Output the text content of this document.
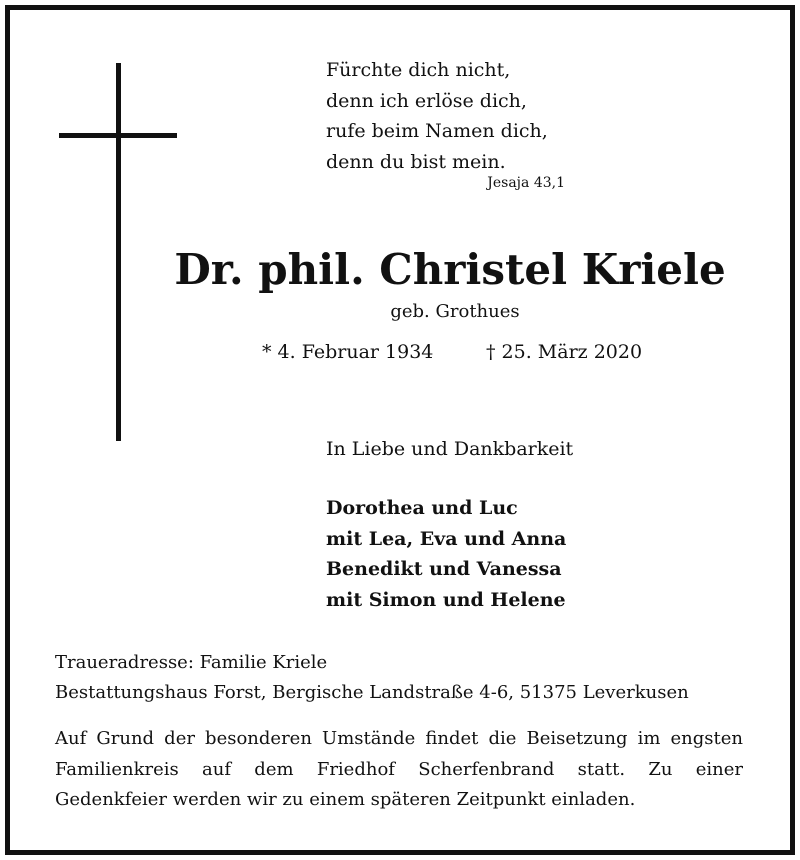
Fürchte dich nicht,
denn ich erlöse dich,
rufe beim Namen dich,
denn du bist mein.
Jesaja 43,1
Dr. phil. Christel Kriele
geb. Grothues
* 4. Februar 1934	† 25. März 2020
In Liebe und Dankbarkeit
Dorothea und Luc
mit Lea, Eva und Anna
Benedikt und Vanessa
mit Simon und Helene
Traueradresse: Familie Kriele
Bestattungshaus Forst, Bergische Landstraße 4-6, 51375 Leverkusen
Auf Grund der besonderen Umstände findet die Beisetzung im engsten
Familienkreis auf dem Friedhof Scherfenbrand statt. Zu einer
Gedenkfeier werden wir zu einem späteren Zeitpunkt einladen.
